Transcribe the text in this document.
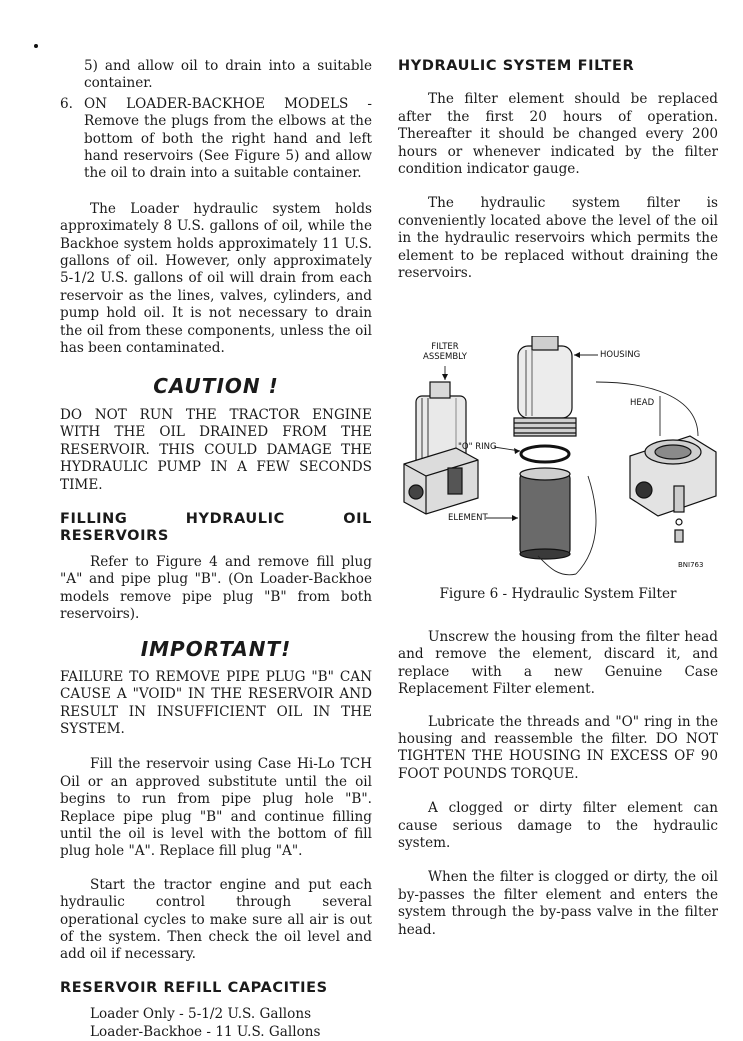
5) and allow oil to drain into a suitable container.

6. ON LOADER-BACKHOE MODELS - Remove the plugs from the elbows at the bottom of both the right hand and left hand reservoirs (See Figure 5) and allow the oil to drain into a suitable container.

The Loader hydraulic system holds approximately 8 U.S. gallons of oil, while the Backhoe system holds approximately 11 U.S. gallons of oil. However, only approximately 5-1/2 U.S. gallons of oil will drain from each reservoir as the lines, valves, cylinders, and pump hold oil. It is not necessary to drain the oil from these components, unless the oil has been contaminated.

CAUTION !

DO NOT RUN THE TRACTOR ENGINE WITH THE OIL DRAINED FROM THE RESERVOIR. THIS COULD DAMAGE THE HYDRAULIC PUMP IN A FEW SECONDS TIME.

FILLING HYDRAULIC OIL RESERVOIRS

Refer to Figure 4 and remove fill plug "A" and pipe plug "B". (On Loader-Backhoe models remove pipe plug "B" from both reservoirs).

IMPORTANT!

FAILURE TO REMOVE PIPE PLUG "B" CAN CAUSE A "VOID" IN THE RESERVOIR AND RESULT IN INSUFFICIENT OIL IN THE SYSTEM.

Fill the reservoir using Case Hi-Lo TCH Oil or an approved substitute until the oil begins to run from pipe plug hole "B". Replace pipe plug "B" and continue filling until the oil is level with the bottom of fill plug hole "A". Replace fill plug "A".

Start the tractor engine and put each hydraulic control through several operational cycles to make sure all air is out of the system. Then check the oil level and add oil if necessary.

RESERVOIR REFILL CAPACITIES

Loader Only - 5-1/2 U.S. Gallons
Loader-Backhoe - 11 U.S. Gallons

HYDRAULIC SYSTEM FILTER

The filter element should be replaced after the first 20 hours of operation. Thereafter it should be changed every 200 hours or whenever indicated by the filter condition indicator gauge.

The hydraulic system filter is conveniently located above the level of the oil in the hydraulic reservoirs which permits the element to be replaced without draining the reservoirs.

FILTER
ASSEMBLY	HOUSING
HEAD
"O" RING
ELEMENT
BNI763

Figure 6 - Hydraulic System Filter

Unscrew the housing from the filter head and remove the element, discard it, and replace with a new Genuine Case Replacement Filter element.

Lubricate the threads and "O" ring in the housing and reassemble the filter. DO NOT TIGHTEN THE HOUSING IN EXCESS OF 90 FOOT POUNDS TORQUE.

A clogged or dirty filter element can cause serious damage to the hydraulic system.

When the filter is clogged or dirty, the oil by-passes the filter element and enters the system through the by-pass valve in the filter head.
